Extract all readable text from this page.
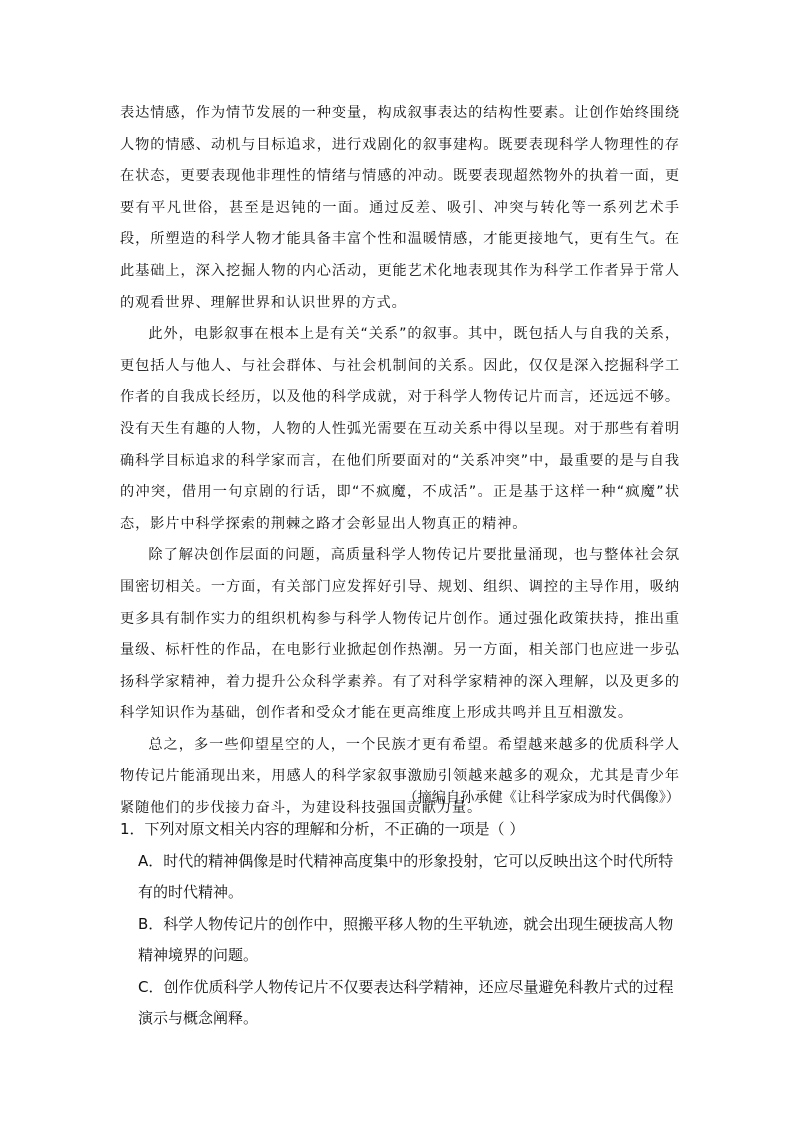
表达情感，作为情节发展的一种变量，构成叙事表达的结构性要素。让创作始终围绕人物的情感、动机与目标追求，进行戏剧化的叙事建构。既要表现科学人物理性的存在状态，更要表现他非理性的情绪与情感的冲动。既要表现超然物外的执着一面，更要有平凡世俗，甚至是迟钝的一面。通过反差、吸引、冲突与转化等一系列艺术手段，所塑造的科学人物才能具备丰富个性和温暖情感，才能更接地气，更有生气。在此基础上，深入挖掘人物的内心活动，更能艺术化地表现其作为科学工作者异于常人的观看世界、理解世界和认识世界的方式。

此外，电影叙事在根本上是有关“关系”的叙事。其中，既包括人与自我的关系，更包括人与他人、与社会群体、与社会机制间的关系。因此，仅仅是深入挖掘科学工作者的自我成长经历，以及他的科学成就，对于科学人物传记片而言，还远远不够。没有天生有趣的人物，人物的人性弧光需要在互动关系中得以呈现。对于那些有着明确科学目标追求的科学家而言，在他们所要面对的“关系冲突”中，最重要的是与自我的冲突，借用一句京剧的行话，即“不疯魔，不成活”。正是基于这样一种“疯魔”状态，影片中科学探索的荆棘之路才会彰显出人物真正的精神。

除了解决创作层面的问题，高质量科学人物传记片要批量涌现，也与整体社会氛围密切相关。一方面，有关部门应发挥好引导、规划、组织、调控的主导作用，吸纳更多具有制作实力的组织机构参与科学人物传记片创作。通过强化政策扶持，推出重量级、标杆性的作品，在电影行业掀起创作热潮。另一方面，相关部门也应进一步弘扬科学家精神，着力提升公众科学素养。有了对科学家精神的深入理解，以及更多的科学知识作为基础，创作者和受众才能在更高维度上形成共鸣并且互相激发。

总之，多一些仰望星空的人，一个民族才更有希望。希望越来越多的优质科学人物传记片能涌现出来，用感人的科学家叙事激励引领越来越多的观众，尤其是青少年紧随他们的步伐接力奋斗，为建设科技强国贡献力量。

（摘编自孙承健《让科学家成为时代偶像》）

1．下列对原文相关内容的理解和分析，不正确的一项是（ ）

A．时代的精神偶像是时代精神高度集中的形象投射，它可以反映出这个时代所特有的时代精神。
B．科学人物传记片的创作中，照搬平移人物的生平轨迹，就会出现生硬拔高人物精神境界的问题。
C．创作优质科学人物传记片不仅要表达科学精神，还应尽量避免科教片式的过程演示与概念阐释。
